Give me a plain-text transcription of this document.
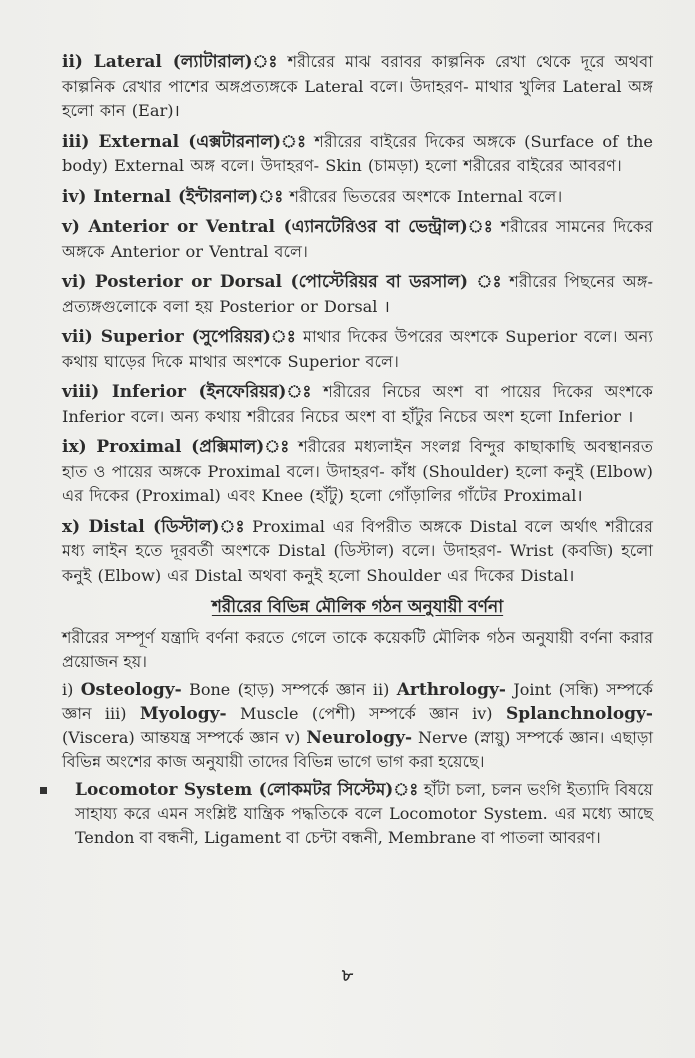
ii) Lateral (ল্যাটারাল)ঃ শরীরের মাঝ বরাবর কাল্পনিক রেখা থেকে দূরে অথবা কাল্পনিক রেখার পাশের অঙ্গপ্রত্যঙ্গকে Lateral বলে। উদাহরণ- মাথার খুলির Lateral অঙ্গ হলো কান (Ear)।
iii) External (এক্সটারনাল)ঃ শরীরের বাইরের দিকের অঙ্গকে (Surface of the body) External অঙ্গ বলে। উদাহরণ- Skin (চামড়া) হলো শরীরের বাইরের আবরণ।
iv) Internal (ইন্টারনাল)ঃ শরীরের ভিতরের অংশকে Internal বলে।
v) Anterior or Ventral (এ্যানটেরিওর বা ভেন্ট্রাল)ঃ শরীরের সামনের দিকের অঙ্গকে Anterior or Ventral বলে।
vi) Posterior or Dorsal (পোস্টেরিয়র বা ডরসাল) ঃ শরীরের পিছনের অঙ্গ-প্রত্যঙ্গগুলোকে বলা হয় Posterior or Dorsal ।
vii) Superior (সুপেরিয়র)ঃ মাথার দিকের উপরের অংশকে Superior বলে। অন্য কথায় ঘাড়ের দিকে মাথার অংশকে Superior বলে।
viii) Inferior (ইনফেরিয়র)ঃ শরীরের নিচের অংশ বা পায়ের দিকের অংশকে Inferior বলে। অন্য কথায় শরীরের নিচের অংশ বা হাঁটুর নিচের অংশ হলো Inferior ।
ix) Proximal (প্রক্সিমাল)ঃ শরীরের মধ্যলাইন সংলগ্ন বিন্দুর কাছাকাছি অবস্থানরত হাত ও পায়ের অঙ্গকে Proximal বলে। উদাহরণ- কাঁধ (Shoulder) হলো কনুই (Elbow) এর দিকের (Proximal) এবং Knee (হাঁটু) হলো গোঁড়ালির গাঁটের Proximal।
x) Distal (ডিস্টাল)ঃ Proximal এর বিপরীত অঙ্গকে Distal বলে অর্থাৎ শরীরের মধ্য লাইন হতে দূরবর্তী অংশকে Distal (ডিস্টাল) বলে। উদাহরণ- Wrist (কবজি) হলো কনুই (Elbow) এর Distal অথবা কনুই হলো Shoulder এর দিকের Distal।
শরীরের বিভিন্ন মৌলিক গঠন অনুযায়ী বর্ণনা

শরীরের সম্পূর্ণ যন্ত্রাদি বর্ণনা করতে গেলে তাকে কয়েকটি মৌলিক গঠন অনুযায়ী বর্ণনা করার প্রয়োজন হয়।

i) Osteology- Bone (হাড়) সম্পর্কে জ্ঞান ii) Arthrology- Joint (সন্ধি) সম্পর্কে জ্ঞান iii) Myology- Muscle (পেশী) সম্পর্কে জ্ঞান iv) Splanchnology- (Viscera) আন্তযন্ত্র সম্পর্কে জ্ঞান v) Neurology- Nerve (স্নায়ু) সম্পর্কে জ্ঞান। এছাড়া বিভিন্ন অংশের কাজ অনুযায়ী তাদের বিভিন্ন ভাগে ভাগ করা হয়েছে।

Locomotor System (লোকমটর সিস্টেম)ঃ হাঁটা চলা, চলন ভংগি ইত্যাদি বিষয়ে সাহায্য করে এমন সংশ্লিষ্ট যান্ত্রিক পদ্ধতিকে বলে Locomotor System. এর মধ্যে আছে Tendon বা বন্ধনী, Ligament বা চেন্টা বন্ধনী, Membrane বা পাতলা আবরণ।
৮
